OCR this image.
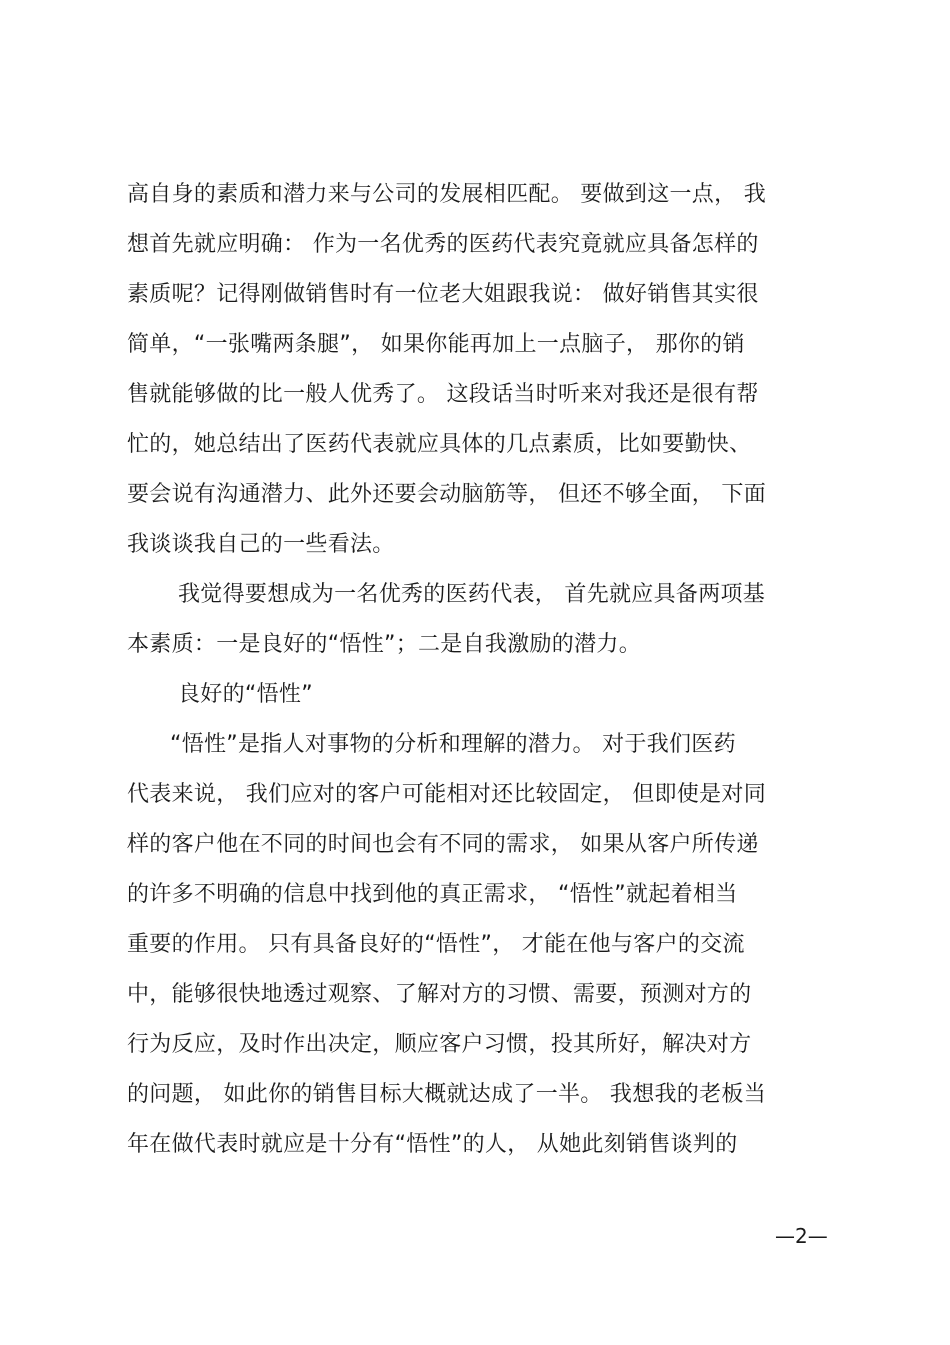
高自身的素质和潜力来与公司的发展相匹配。 要做到这一点， 我
想首先就应明确： 作为一名优秀的医药代表究竟就应具备怎样的
素质呢？记得刚做销售时有一位老大姐跟我说： 做好销售其实很
简单，“一张嘴两条腿”， 如果你能再加上一点脑子， 那你的销
售就能够做的比一般人优秀了。 这段话当时听来对我还是很有帮
忙的，她总结出了医药代表就应具体的几点素质，比如要勤快、
要会说有沟通潜力、此外还要会动脑筋等， 但还不够全面， 下面
我谈谈我自己的一些看法。
我觉得要想成为一名优秀的医药代表， 首先就应具备两项基
本素质：一是良好的“悟性”；二是自我激励的潜力。
良好的“悟性”
“悟性”是指人对事物的分析和理解的潜力。 对于我们医药
代表来说， 我们应对的客户可能相对还比较固定， 但即使是对同
样的客户他在不同的时间也会有不同的需求， 如果从客户所传递
的许多不明确的信息中找到他的真正需求， “悟性”就起着相当
重要的作用。 只有具备良好的“悟性”， 才能在他与客户的交流
中，能够很快地透过观察、了解对方的习惯、需要，预测对方的
行为反应，及时作出决定，顺应客户习惯，投其所好，解决对方
的问题， 如此你的销售目标大概就达成了一半。 我想我的老板当
年在做代表时就应是十分有“悟性”的人， 从她此刻销售谈判的
—2—
